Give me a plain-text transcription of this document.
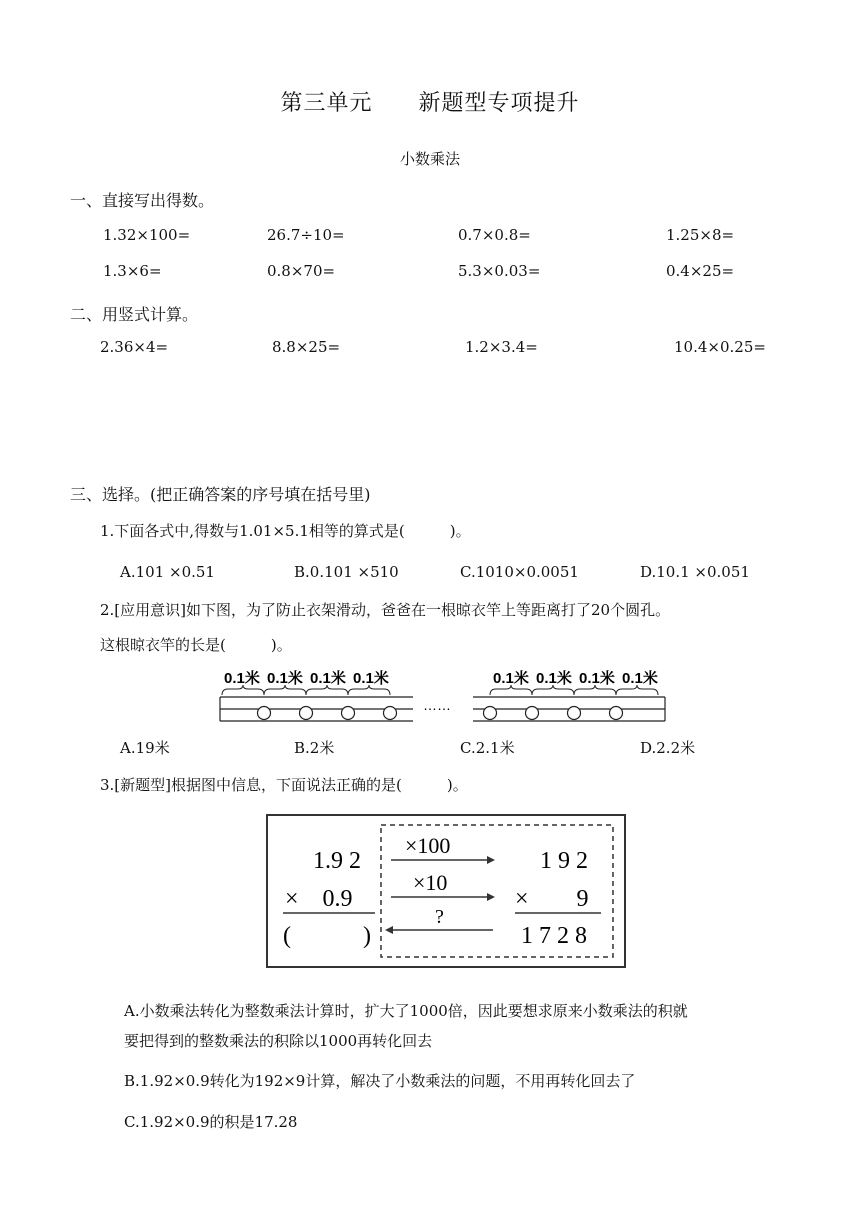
第三单元　　新题型专项提升
小数乘法
一、直接写出得数。
1.32×100=	26.7÷10=	0.7×0.8=	1.25×8=
1.3×6=	0.8×70=	5.3×0.03=	0.4×25=
二、用竖式计算。
2.36×4=	8.8×25=	1.2×3.4=	10.4×0.25=
三、选择。(把正确答案的序号填在括号里)
1.下面各式中,得数与1.01×5.1相等的算式是(　　　)。
A.101 ×0.51	B.0.101 ×510	C.1010×0.0051	D.10.1 ×0.051
2.[应用意识]如下图，为了防止衣架滑动，爸爸在一根晾衣竿上等距离打了20个圆孔。
这根晾衣竿的长是(　　　)。
0.1米 0.1米 0.1米 0.1米	0.1米 0.1米 0.1米 0.1米
……
A.19米	B.2米	C.2.1米	D.2.2米
3.[新题型]根据图中信息，下面说法正确的是(　　　)。
1.9 2
×　0.9
(　　　)
×100
×10
?
1 9 2
×　　9
1 7 2 8
A.小数乘法转化为整数乘法计算时，扩大了1000倍，因此要想求原来小数乘法的积就
要把得到的整数乘法的积除以1000再转化回去
B.1.92×0.9转化为192×9计算，解决了小数乘法的问题，不用再转化回去了
C.1.92×0.9的积是17.28
